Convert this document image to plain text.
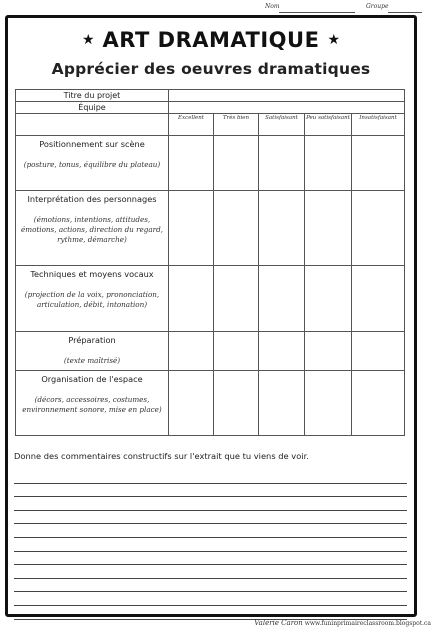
Nom	Groupe
★ ART DRAMATIQUE ★
Apprécier des oeuvres dramatiques
Titre du projet					
Équipe					
	Excellent	Très bien	Satisfaisant	Peu satisfaisant	Insatisfaisant

Positionnement sur scène
(posture, tonus, équilibre du plateau)					

Interprétation des personnages
(émotions, intentions, attitudes, émotions, actions, direction du regard, rythme, démarche)					

Techniques et moyens vocaux
(projection de la voix, prononciation, articulation, débit, intonation)					

Préparation
(texte maîtrisé)					

Organisation de l'espace
(décors, accessoires, costumes, environnement sonore, mise en place)					

Donne des commentaires constructifs sur l'extrait que tu viens de voir.
Valérie Caron www.funinprimaireclassroom.blogspot.ca
